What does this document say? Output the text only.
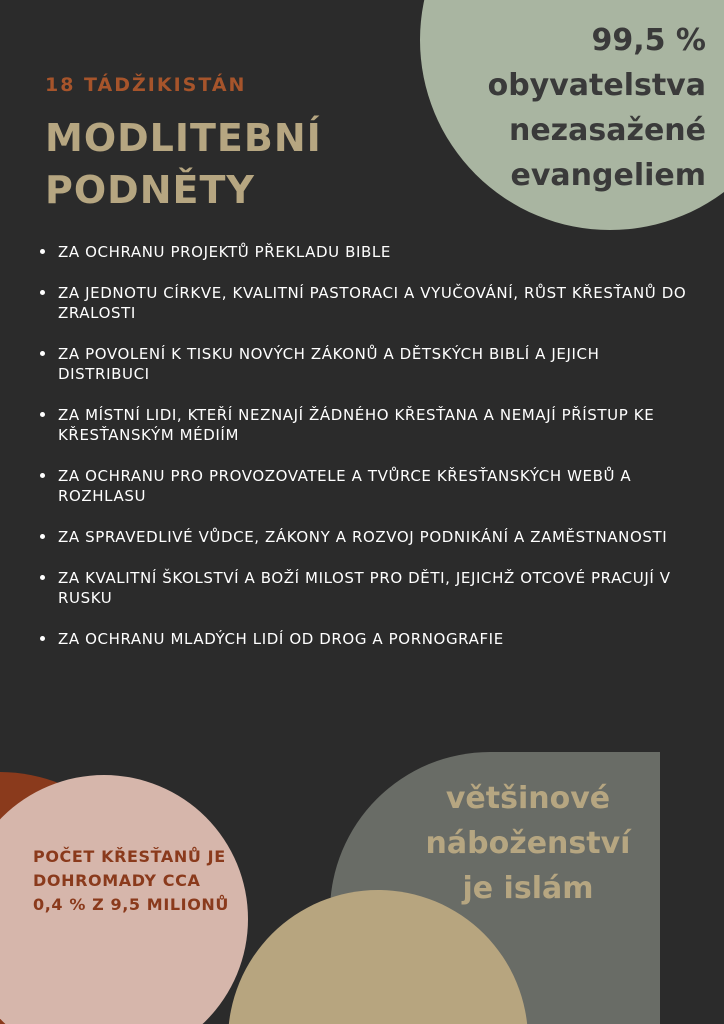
99,5 % obyvatelstva nezasažené evangeliem
18 TÁDŽIKISTÁN
MODLITEBNÍ PODNĚTY
ZA OCHRANU PROJEKTŮ PŘEKLADU BIBLE
ZA JEDNOTU CÍRKVE, KVALITNÍ PASTORACI A VYUČOVÁNÍ, RŮST KŘESŤANŮ DO ZRALOSTI
ZA POVOLENÍ K TISKU NOVÝCH ZÁKONŮ A DĚTSKÝCH BIBLÍ A JEJICH DISTRIBUCI
ZA MÍSTNÍ LIDI, KTEŘÍ NEZNAJÍ ŽÁDNÉHO KŘESŤANA A NEMAJÍ PŘÍSTUP KE KŘESŤANSKÝM MÉDIÍM
ZA OCHRANU PRO PROVOZOVATELE A TVŮRCE KŘESŤANSKÝCH WEBŮ A ROZHLASU
ZA SPRAVEDLIVÉ VŮDCE, ZÁKONY A ROZVOJ PODNIKÁNÍ A ZAMĚSTNANOSTI
ZA KVALITNÍ ŠKOLSTVÍ A BOŽÍ MILOST PRO DĚTI, JEJICHŽ OTCOVÉ PRACUJÍ V RUSKU
ZA OCHRANU MLADÝCH LIDÍ OD DROG A PORNOGRAFIE
většinové náboženství je islám
POČET KŘESŤANŮ JE DOHROMADY CCA 0,4 % Z 9,5 MILIONŮ
